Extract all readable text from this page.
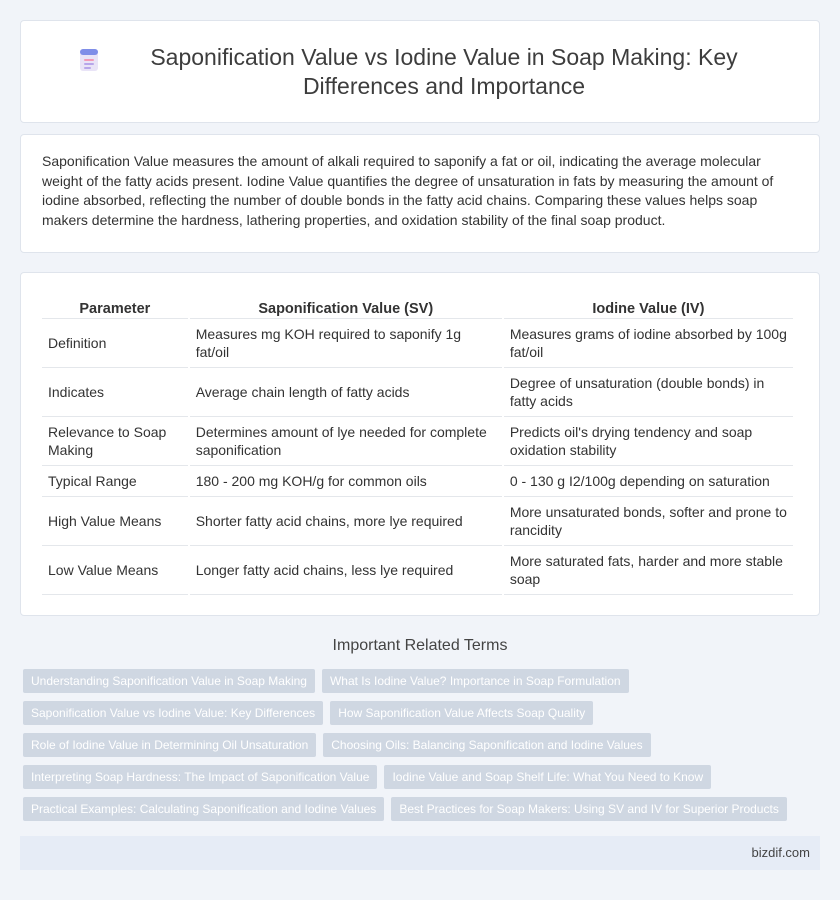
Saponification Value vs Iodine Value in Soap Making: Key Differences and Importance

Saponification Value measures the amount of alkali required to saponify a fat or oil, indicating the average molecular weight of the fatty acids present. Iodine Value quantifies the degree of unsaturation in fats by measuring the amount of iodine absorbed, reflecting the number of double bonds in the fatty acid chains. Comparing these values helps soap makers determine the hardness, lathering properties, and oxidation stability of the final soap product.

Parameter	Saponification Value (SV)	Iodine Value (IV)
Definition	Measures mg KOH required to saponify 1g fat/oil	Measures grams of iodine absorbed by 100g fat/oil
Indicates	Average chain length of fatty acids	Degree of unsaturation (double bonds) in fatty acids
Relevance to Soap Making	Determines amount of lye needed for complete saponification	Predicts oil's drying tendency and soap oxidation stability
Typical Range	180 - 200 mg KOH/g for common oils	0 - 130 g I2/100g depending on saturation
High Value Means	Shorter fatty acid chains, more lye required	More unsaturated bonds, softer and prone to rancidity
Low Value Means	Longer fatty acid chains, less lye required	More saturated fats, harder and more stable soap
Important Related Terms
Understanding Saponification Value in Soap Making	What Is Iodine Value? Importance in Soap Formulation
Saponification Value vs Iodine Value: Key Differences	How Saponification Value Affects Soap Quality
Role of Iodine Value in Determining Oil Unsaturation	Choosing Oils: Balancing Saponification and Iodine Values
Interpreting Soap Hardness: The Impact of Saponification Value	Iodine Value and Soap Shelf Life: What You Need to Know
Practical Examples: Calculating Saponification and Iodine Values	Best Practices for Soap Makers: Using SV and IV for Superior Products
bizdif.com
